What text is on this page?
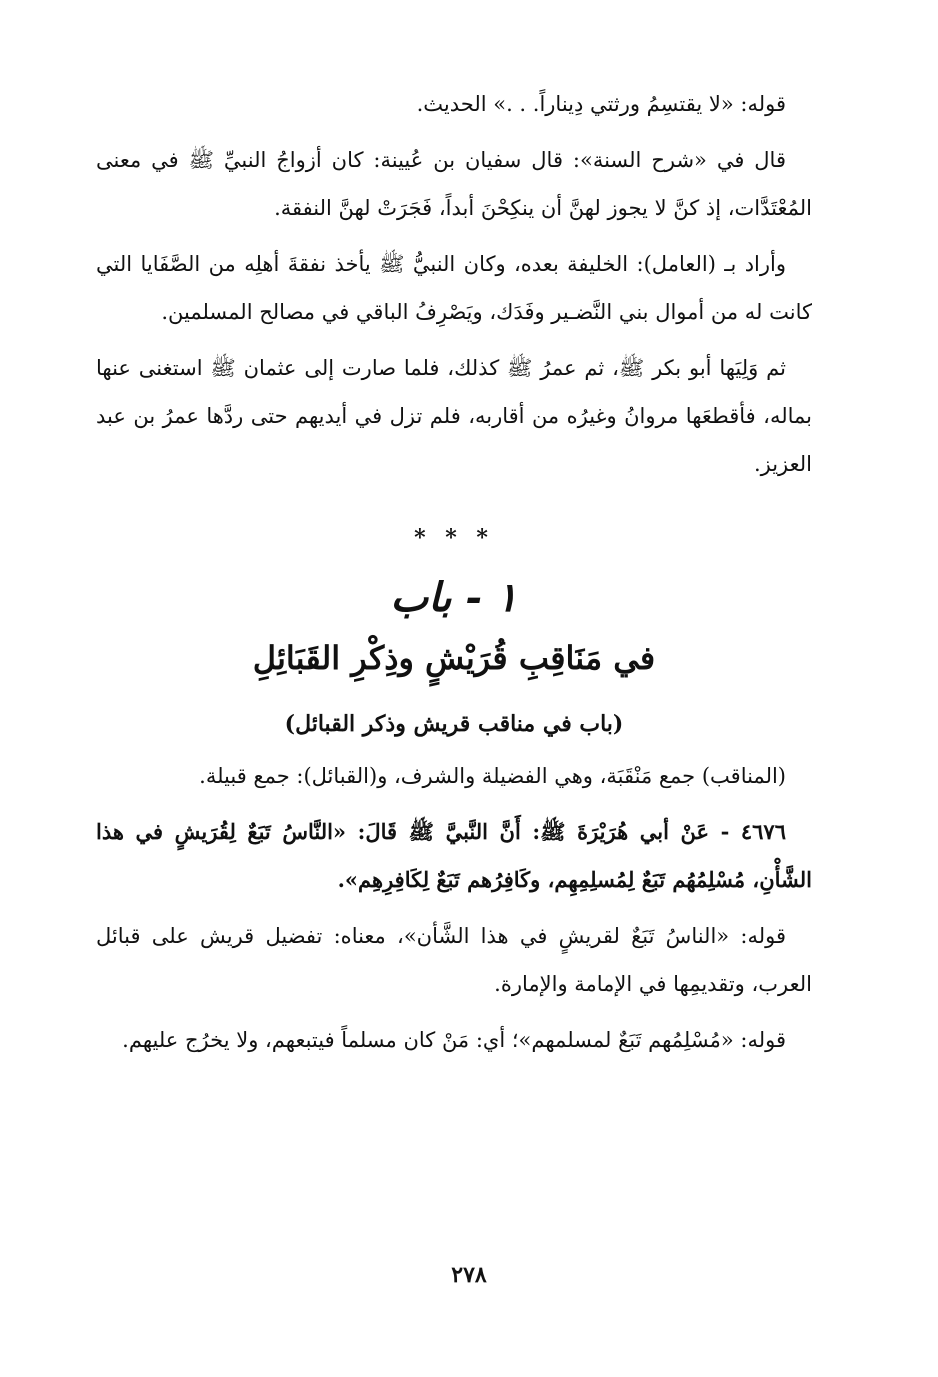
قوله: «لا يقتسِمُ ورثتي دِيناراً. . .» الحديث.

قال في «شرح السنة»: قال سفيان بن عُيينة: كان أزواجُ النبيِّ ﷺ في معنى المُعْتَدَّات، إذ كنَّ لا يجوز لهنَّ أن ينكِحْنَ أبداً، فَجَرَتْ لهنَّ النفقة.

وأراد بـ (العامل): الخليفة بعده، وكان النبيُّ ﷺ يأخذ نفقةَ أهلِه من الصَّفَايا التي كانت له من أموال بني النَّضـير وفَدَك، ويَصْرِفُ الباقي في مصالح المسلمين.

ثم وَلِيَها أبو بكر ﷺ، ثم عمرُ ﷺ كذلك، فلما صارت إلى عثمان ﷺ استغنى عنها بماله، فأقطعَها مروانُ وغيرُه من أقاربه، فلم تزل في أيديهم حتى ردَّها عمرُ بن عبد العزيز.

* * *
١ - باب
في مَنَاقِبِ قُرَيْشٍ وذِكْرِ القَبَائِلِ
(باب في مناقب قريش وذكر القبائل)

(المناقب) جمع مَنْقَبَة، وهي الفضيلة والشرف، و(القبائل): جمع قبيلة.

٤٦٧٦ - عَنْ أبي هُرَيْرَةَ ﷺ: أَنَّ النَّبيَّ ﷺ قَالَ: «النَّاسُ تَبَعٌ لِقُرَيشٍ في هذا الشَّأْنِ، مُسْلِمُهُم تَبَعٌ لِمُسلِمِهِم، وكَافِرُهم تَبَعٌ لِكَافِرِهِم».

قوله: «الناسُ تَبَعٌ لقريشٍ في هذا الشَّأن»، معناه: تفضيل قريش على قبائل العرب، وتقديمِها في الإمامة والإمارة.

قوله: «مُسْلِمُهم تَبَعٌ لمسلمهم»؛ أي: مَنْ كان مسلماً فيتبعهم، ولا يخرُج عليهم.

٢٧٨
